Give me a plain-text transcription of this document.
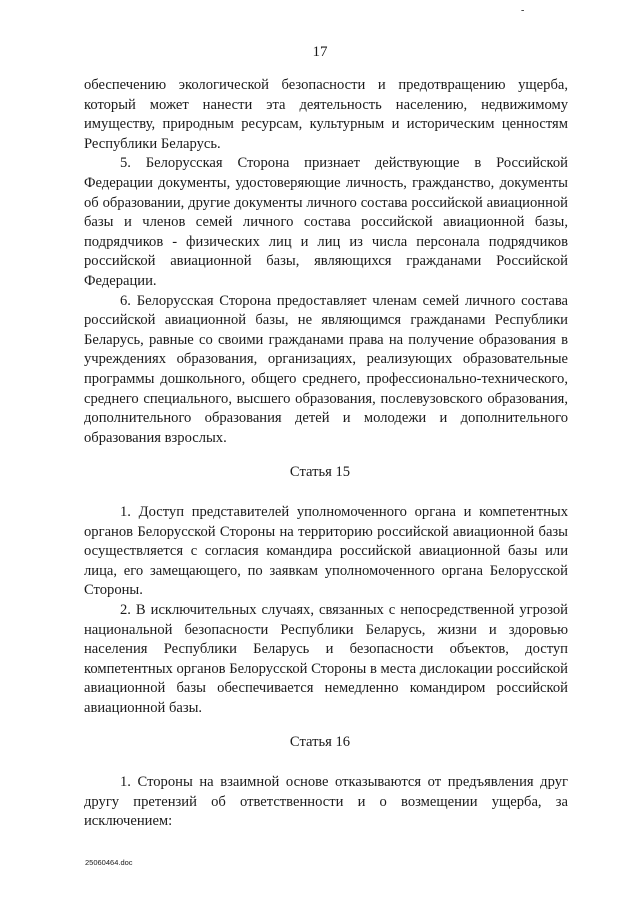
-
17

обеспечению экологической безопасности и предотвращению ущерба, который может нанести эта деятельность населению, недвижимому имуществу, природным ресурсам, культурным и историческим ценностям Республики Беларусь.

5. Белорусская Сторона признает действующие в Российской Федерации документы, удостоверяющие личность, гражданство, документы об образовании, другие документы личного состава российской авиационной базы и членов семей личного состава российской авиационной базы, подрядчиков - физических лиц и лиц из числа персонала подрядчиков российской авиационной базы, являющихся гражданами Российской Федерации.

6. Белорусская Сторона предоставляет членам семей личного состава российской авиационной базы, не являющимся гражданами Республики Беларусь, равные со своими гражданами права на получение образования в учреждениях образования, организациях, реализующих образовательные программы дошкольного, общего среднего, профессионально-технического, среднего специального, высшего образования, послевузовского образования, дополнительного образования детей и молодежи и дополнительного образования взрослых.

Статья 15

1. Доступ представителей уполномоченного органа и компетентных органов Белорусской Стороны на территорию российской авиационной базы осуществляется с согласия командира российской авиационной базы или лица, его замещающего, по заявкам уполномоченного органа Белорусской Стороны.

2. В исключительных случаях, связанных с непосредственной угрозой национальной безопасности Республики Беларусь, жизни и здоровью населения Республики Беларусь и безопасности объектов, доступ компетентных органов Белорусской Стороны в места дислокации российской авиационной базы обеспечивается немедленно командиром российской авиационной базы.

Статья 16

1. Стороны на взаимной основе отказываются от предъявления друг другу претензий об ответственности и о возмещении ущерба, за исключением:

25060464.doc
